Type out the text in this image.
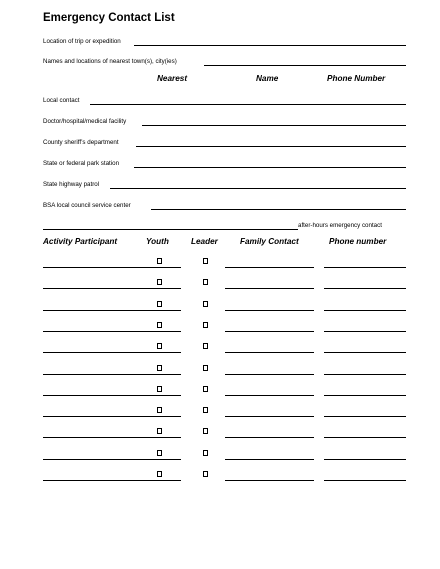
Emergency Contact List
Location of trip or expedition
Names and locations of nearest town(s), city(ies)
Nearest	Name	Phone Number
Local contact
Doctor/hospital/medical facility
County sheriff’s department
State or federal park station
State highway patrol
BSA local council service center
after-hours emergency contact
Activity Participant	Youth	Leader	Family Contact	Phone number
